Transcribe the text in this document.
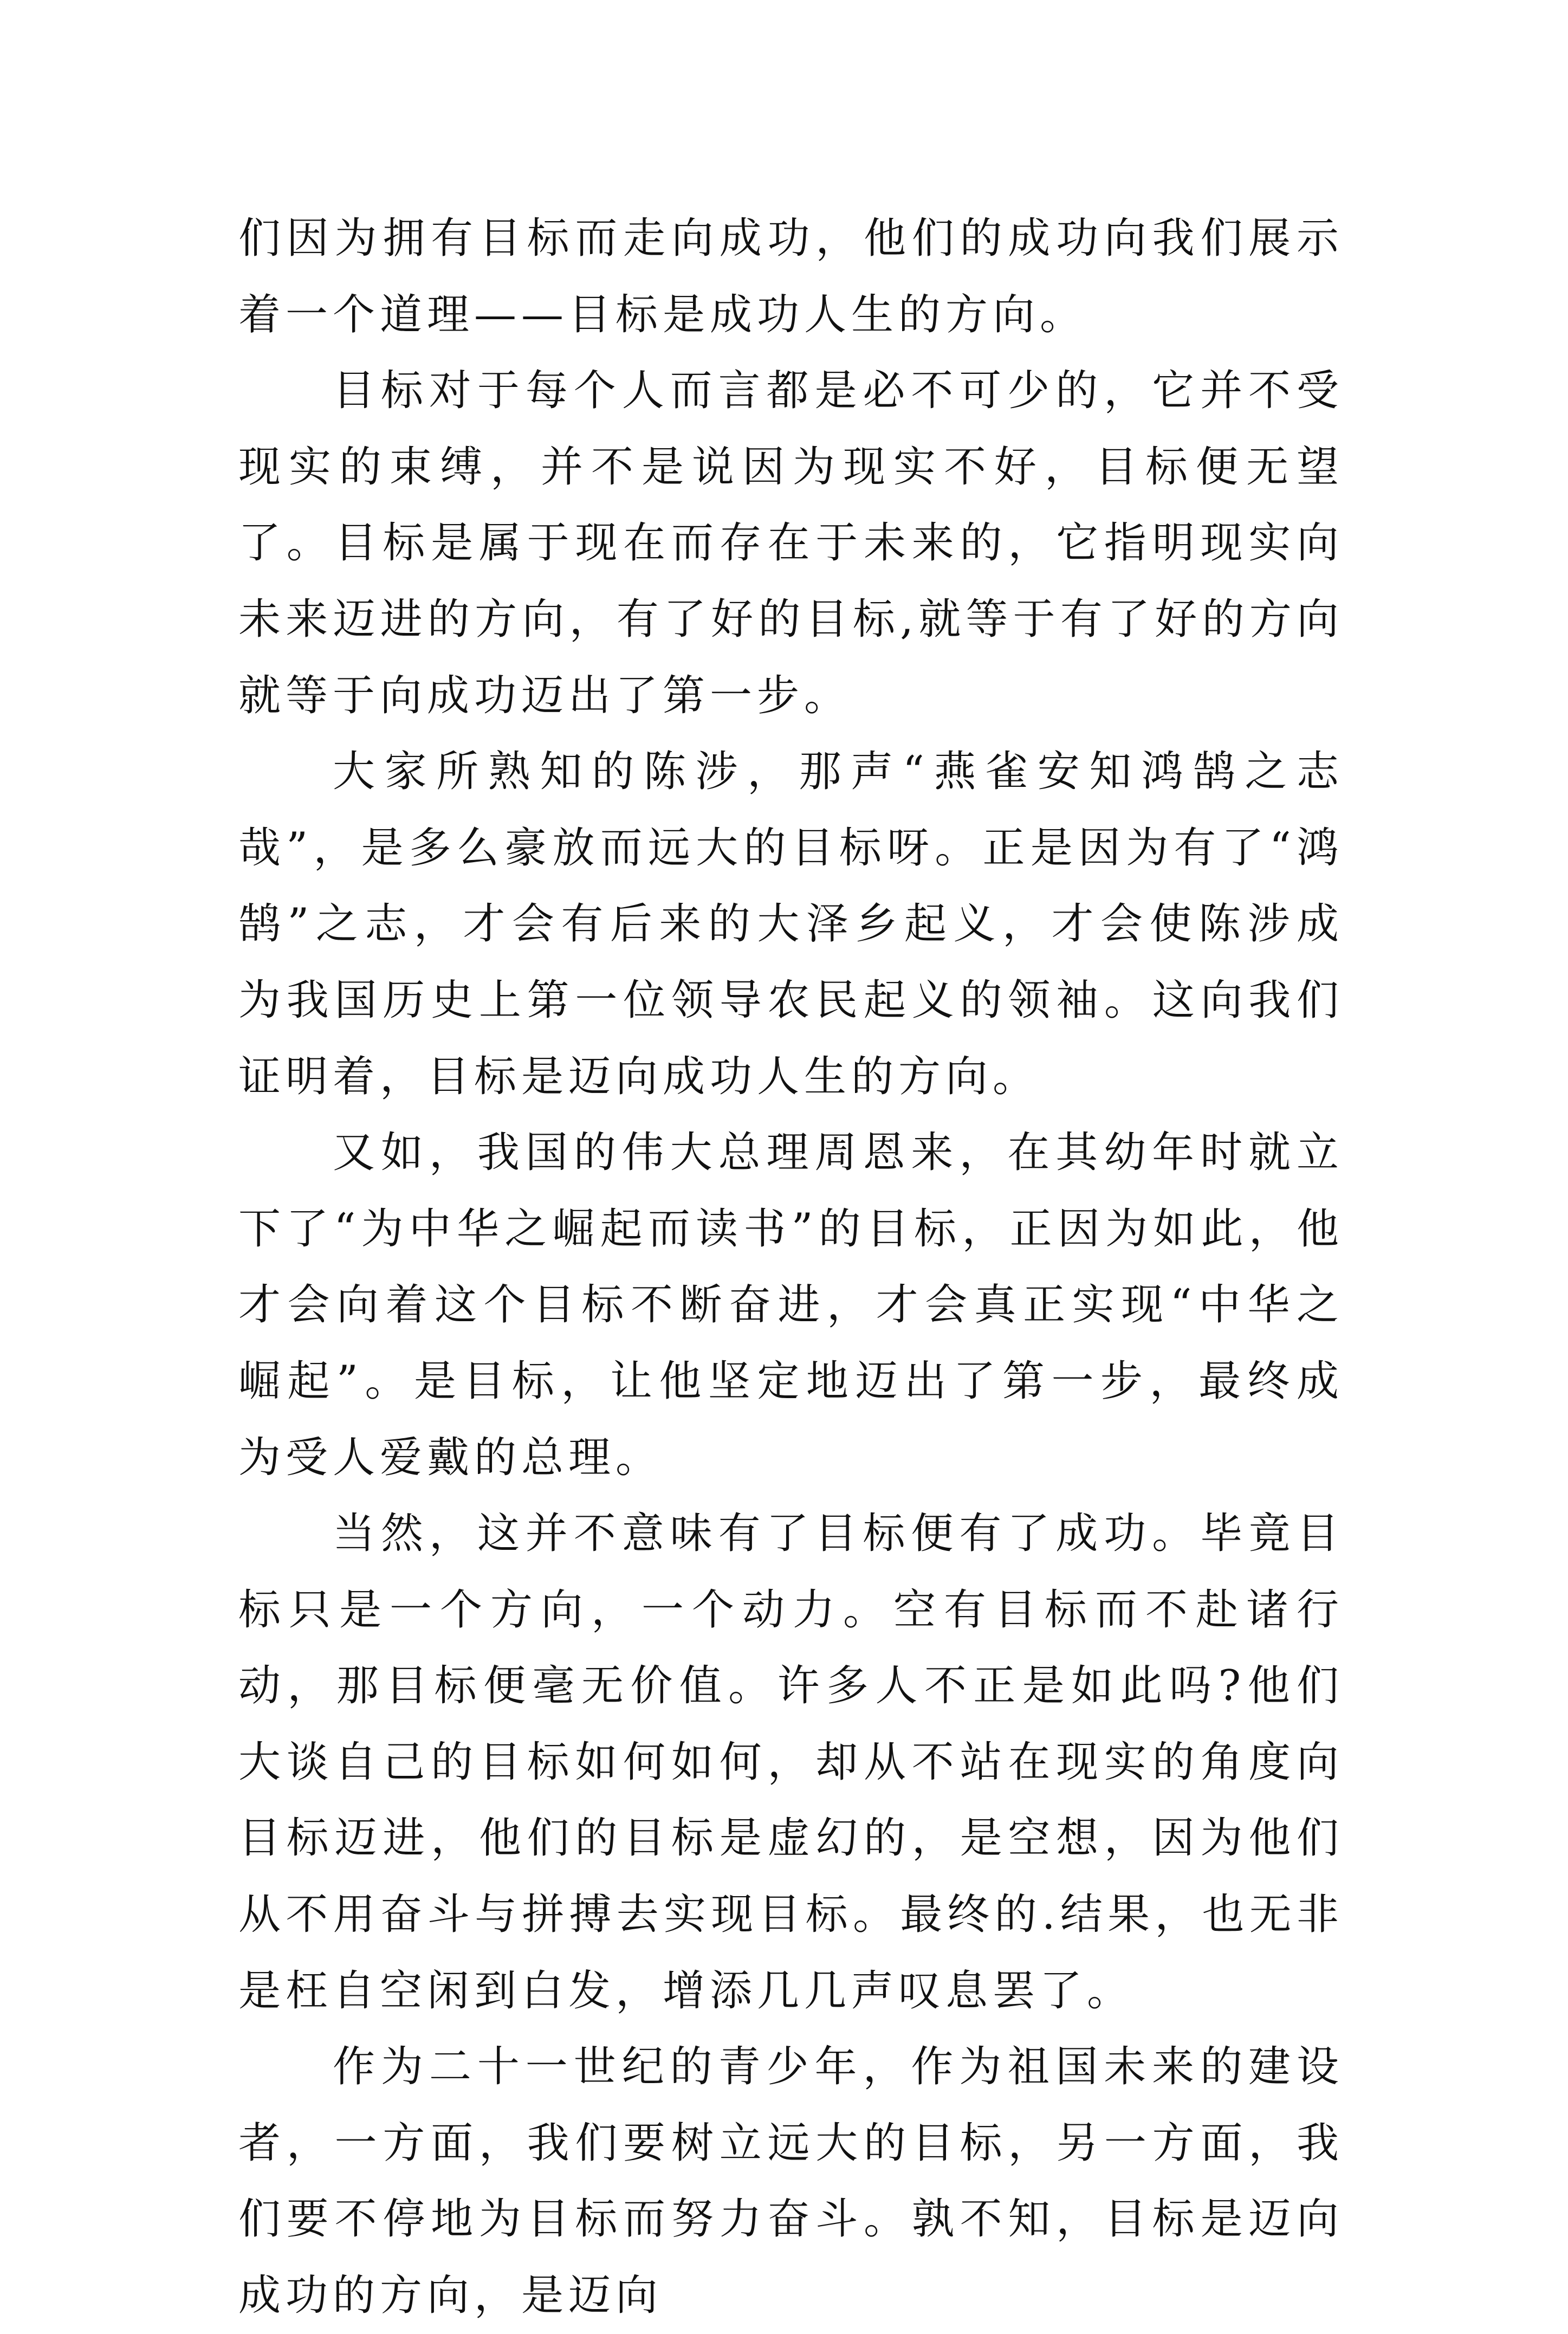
们因为拥有目标而走向成功，他们的成功向我们展示着一个道理——目标是成功人生的方向。

目标对于每个人而言都是必不可少的，它并不受现实的束缚，并不是说因为现实不好，目标便无望了。目标是属于现在而存在于未来的，它指明现实向未来迈进的方向，有了好的目标,就等于有了好的方向就等于向成功迈出了第一步。

大家所熟知的陈涉，那声“燕雀安知鸿鹄之志哉”，是多么豪放而远大的目标呀。正是因为有了“鸿鹄”之志，才会有后来的大泽乡起义，才会使陈涉成为我国历史上第一位领导农民起义的领袖。这向我们证明着，目标是迈向成功人生的方向。

又如，我国的伟大总理周恩来，在其幼年时就立下了“为中华之崛起而读书”的目标，正因为如此，他才会向着这个目标不断奋进，才会真正实现“中华之崛起”。是目标，让他坚定地迈出了第一步，最终成为受人爱戴的总理。

当然，这并不意味有了目标便有了成功。毕竟目标只是一个方向，一个动力。空有目标而不赴诸行动，那目标便毫无价值。许多人不正是如此吗?他们大谈自己的目标如何如何，却从不站在现实的角度向目标迈进，他们的目标是虚幻的，是空想，因为他们从不用奋斗与拼搏去实现目标。最终的.结果，也无非是枉自空闲到白发，增添几几声叹息罢了。

作为二十一世纪的青少年，作为祖国未来的建设者，一方面，我们要树立远大的目标，另一方面，我们要不停地为目标而努力奋斗。孰不知，目标是迈向成功的方向，是迈向
